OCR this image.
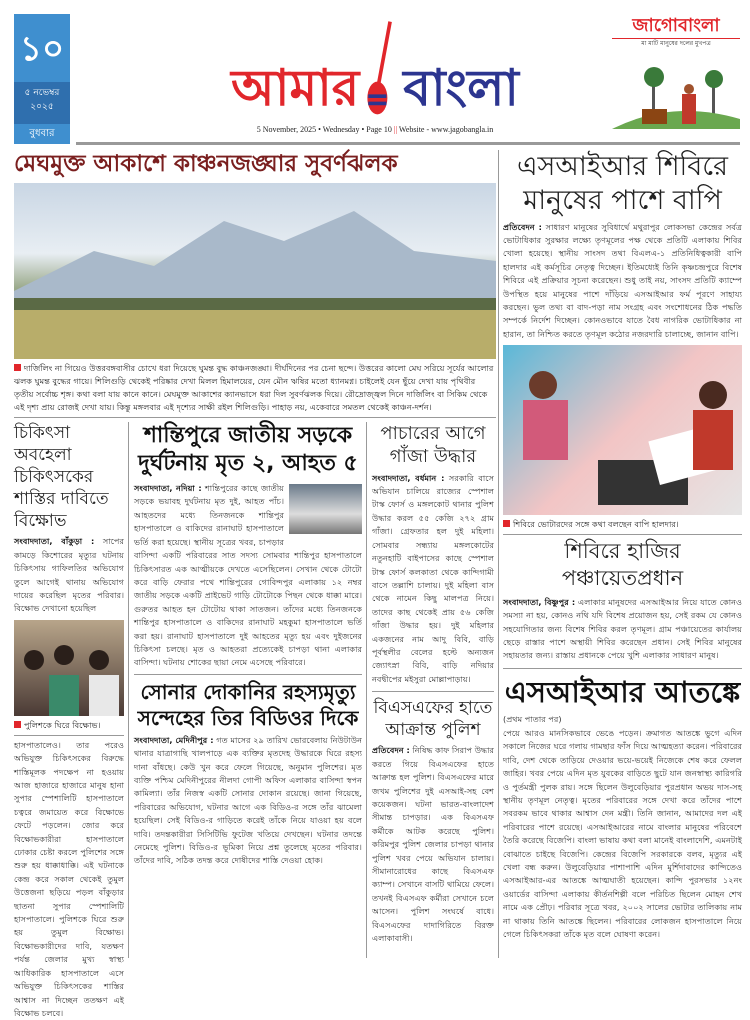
১০
৫ নভেম্বর ২০২৫
বুধবার
আমার বাংলা
5 November, 2025 • Wednesday • Page 10 || Website - www.jagobangla.in
জাগোবাংলা
মা মাটি মানুষের দলের মুখপত্র
মেঘমুক্ত আকাশে কাঞ্চনজঙ্ঘার সুবর্ণঝলক

দার্জিলিং না গিয়েও উত্তরবঙ্গবাসীর চোখে ধরা দিয়েছে ঘুমন্ত বুদ্ধ কাঞ্চনজঙ্ঘা। দীর্ঘদিনের পর চেনা ছন্দে। উত্তরের কালো মেঘ সরিয়ে সূর্যের আলোর ঝলক ঘুমন্ত বুদ্ধের গায়ে। শিলিগুড়ি থেকেই পরিষ্কার দেখা মিলল হিমালয়ের, যেন মৌন ঋষির মতো ধ্যানমগ্ন। চাইলেই যেন ছুঁয়ে দেখা যায় পৃথিবীর তৃতীয় সর্বোচ্চ শৃঙ্গ। কথা বলা যায় কানে কানে। মেঘমুক্ত আকাশের ক্যানভাসে ধরা দিল সুবর্ণঝলক দিয়ে। রৌদ্রোজ্জ্বল দিনে দার্জিলিং বা সিকিম থেকে এই দৃশ্য প্রায় রোজই দেখা যায়। কিন্তু মঙ্গলবার এই দৃশ্যের সাক্ষী রইল শিলিগুড়ি। পাহাড় নয়, একেবারে সমতল থেকেই কাঞ্চন-দর্শন।

চিকিৎসা অবহেলা চিকিৎসকের শাস্তির দাবিতে বিক্ষোভ

সংবাদদাতা, বাঁকুড়া : সাপের কামড়ে কিশোরের মৃত্যুর ঘটনায় চিকিৎসায় গাফিলতির অভিযোগ তুলে আগেই থানায় অভিযোগ দায়ের করেছিল মৃতের পরিবার। বিক্ষোভ দেখানো হয়েছিল

পুলিশকে ঘিরে বিক্ষোভ।

হাসপাতালেও। তার পরেও অভিযুক্ত চিকিৎসকের বিরুদ্ধে শাস্তিমূলক পদক্ষেপ না হওয়ায় আজ হাজারে হাজারে মানুষ হানা সুপার স্পেশালিটি হাসপাতালে চত্বরে জমায়েত করে বিক্ষোভে ফেটে পড়লেন। জোর করে বিক্ষোভকারীরা হাসপাতালে ঢোকার চেষ্টা করলে পুলিশের সঙ্গে শুরু হয় ধাক্কাধাক্কি। এই ঘটনাকে কেন্দ্র করে সকাল থেকেই তুমুল উত্তেজনা ছড়িয়ে পড়ল বাঁকুড়ার ছাতনা সুপার স্পেশালিটি হাসপাতালে। পুলিশকে ঘিরে শুরু হয় তুমুল বিক্ষোভ। বিক্ষোভকারীদের দাবি, যতক্ষণ পর্যন্ত জেলার মুখ্য স্বাস্থ্য আধিকারিক হাসপাতালে এসে অভিযুক্ত চিকিৎসকের শাস্তির আশ্বাস না দিচ্ছেন ততক্ষণ এই বিক্ষোভ চলবে।

শান্তিপুরে জাতীয় সড়কে দুর্ঘটনায় মৃত ২, আহত ৫
সংবাদদাতা, নদিয়া : শান্তিপুরের কাছে জাতীয় সড়কে ভয়াবহ দুর্ঘটনায় মৃত দুই, আহত পাঁচ। আহতদের মধ্যে তিনজনকে শান্তিপুর হাসপাতালে ও বাকিদের রানাঘাট হাসপাতালে ভর্তি করা হয়েছে। স্থানীয় সূত্রের খবর, চাপড়ার বাসিন্দা একটি পরিবারের সাত সদস্য সোমবার শান্তিপুর হাসপাতালে চিকিৎসারত এক আত্মীয়কে দেখতে এসেছিলেন। সেখান থেকে টোটো করে বাড়ি ফেরার পথে শান্তিপুরের গোবিন্দপুর এলাকায় ১২ নম্বর জাতীয় সড়কে একটি প্রাইভেট গাড়ি টোটোকে পিছন থেকে ধাক্কা মারে। গুরুতর আহত হন টোটোয় থাকা সাতজন। তাঁদের মধ্যে তিনজনকে শান্তিপুর হাসপাতালে ও বাকিদের রানাঘাট মহকুমা হাসপাতালে ভর্তি করা হয়। রানাঘাট হাসপাতালে দুই আহতের মৃত্যু হয় এবং দুইজনের চিকিৎসা চলছে। মৃত ও আহতরা প্রত্যেকেই চাপড়া থানা এলাকার বাসিন্দা। ঘটনায় শোকের ছায়া নেমে এসেছে পরিবারে।
সোনার দোকানির রহস্যমৃত্যু সন্দেহের তির বিডিওর দিকে

সংবাদদাতা, মেদিনীপুর : গত মাসের ২৯ তারিখ ভোরবেলায় নিউটাউন থানার যাত্রাগাছি খালপাড়ে এক ব্যক্তির মৃতদেহ উদ্ধারকে ঘিরে রহস্য দানা বাঁধছে। কেউ খুন করে ফেলে গিয়েছে, অনুমান পুলিশের। মৃত ব্যক্তি পশ্চিম মেদিনীপুরের নীলদা গোপী অফিস এলাকার বাসিন্দা স্বপন কামিল্যা। তাঁর নিজস্ব একটি সোনার দোকান রয়েছে। জানা গিয়েছে, পরিবারের অভিযোগ, ঘটনার আগে এক বিডিও-র সঙ্গে তাঁর ঝামেলা হয়েছিল। সেই বিডিও-র গাড়িতে করেই তাঁকে নিয়ে যাওয়া হয় বলে দাবি। তদন্তকারীরা সিসিটিভি ফুটেজ খতিয়ে দেখছেন। ঘটনার তদন্তে নেমেছে পুলিশ। বিডিও-র ভূমিকা নিয়ে প্রশ্ন তুলেছে মৃতের পরিবার। তাঁদের দাবি, সঠিক তদন্ত করে দোষীদের শাস্তি দেওয়া হোক।

পাচারের আগে গাঁজা উদ্ধার

সংবাদদাতা, বর্ধমান : সরকারি বাসে অভিযান চালিয়ে রাজ্যের স্পেশাল টাস্ক ফোর্স ও মঙ্গলকোট থানার পুলিশ উদ্ধার করল ৫৫ কেজি ২৭২ গ্রাম গাঁজা। গ্রেফতার হল দুই মহিলা। সোমবার সন্ধ্যায় মঙ্গলকোটের নতুনহাটি বাইপাসের কাছে স্পেশাল টাস্ক ফোর্স কলকাতা থেকে কান্দিগামী বাসে তল্লাশি চালায়। দুই মহিলা বাস থেকে নামেন কিছু মালপত্র নিয়ে। তাদের কাছ থেকেই প্রায় ৫৬ কেজি গাঁজা উদ্ধার হয়। দুই মহিলার একজনের নাম আদু বিবি, বাড়ি পূর্বস্থলীর বেলের হল্টে অন্যজন জ্যোৎস্না বিবি, বাড়ি নদিয়ার নবদ্বীপের মইসুরা মোল্লাপাড়ায়।

বিএসএফের হাতে আক্রান্ত পুলিশ

প্রতিবেদন : নিষিদ্ধ কাফ সিরাপ উদ্ধার করতে গিয়ে বিএসএফের হাতে আক্রান্ত হল পুলিশ। বিএসএফের মারে জখম পুলিশের দুই এসআই-সহ বেশ কয়েকজন। ঘটনা ভারত-বাংলাদেশ সীমান্ত চাপড়ার। এক বিএসএফ কর্মীকে আটক করেছে পুলিশ। করিমপুর পুলিশ জেলার চাপড়া থানার পুলিশ খবর পেয়ে অভিযান চালায়। সীমানারোধের কাছে বিএসএফ ক্যাম্প। সেখানে বাসটি থামিয়ে ফেলে। তখনই বিএসএফ কর্মীরা সেখানে চলে আসেন। পুলিশ সংঘর্ষে বাধে। বিএসএফের দাদাগিরিতে বিরক্ত এলাকাবাসী।

এসআইআর শিবিরে মানুষের পাশে বাপি

প্রতিবেদন : সাধারণ মানুষের সুবিধার্থে মথুরাপুর লোকসভা কেন্দ্রের সর্বত্র ভোটাধিকার সুরক্ষার লক্ষ্যে তৃণমূলের পক্ষ থেকে প্রতিটি এলাকায় শিবির খোলা হয়েছে। স্থানীয় সাংসদ তথা বিএলএ-১ প্রতিনিধিত্বকারী বাপি হালদার এই কর্মসূচির নেতৃত্ব দিচ্ছেন। ইতিমধ্যেই তিনি কৃষ্ণচন্দ্রপুরে বিশেষ শিবিরে এই প্রক্রিয়ার সূচনা করেছেন। শুধু তাই নয়, সাংসদ প্রতিটি ক্যাম্পে উপস্থিত হয়ে মানুষের পাশে দাঁড়িয়ে এসআইআর ফর্ম পূরণে সাহায্য করছেন। ভুল তথ্য বা বাদ-পড়া নাম সংগ্রহ এবং সংশোধনের ঠিক পদ্ধতি সম্পর্কে নির্দেশ দিচ্ছেন। কোনওভাবে যাতে বৈধ নাগরিক ভোটাধিকার না হারান, তা নিশ্চিত করতে তৃণমূল কঠোর নজরদারি চালাচ্ছে, জানান বাপি।

শিবিরে ভোটারদের সঙ্গে কথা বলছেন বাপি হালদার।

শিবিরে হাজির পঞ্চায়েতপ্রধান

সংবাদদাতা, বিষ্ণুপুর : এলাকার মানুষদের এসআইআর নিয়ে যাতে কোনও সমস্যা না হয়, কোনও নথি যদি বিশেষ প্রয়োজন হয়, সেই রকম যে কোনও সহযোগিতার জন্য বিশেষ শিবির করল তৃণমূল। গ্রাম পঞ্চায়েতের কার্যালয় ছেড়ে রাস্তার পাশে অস্থায়ী শিবির করেছেন প্রধান। সেই শিবির মানুষের সহায়তার জন্য। রাস্তায় প্রধানকে পেয়ে খুশি এলাকার সাধারণ মানুষ।

এসআইআর আতঙ্কে

(প্রথম পাতার পর)

পেয়ে আরও মানসিকভাবে ভেঙে পড়েন। ক্রমাগত আতঙ্কে ভুগে এদিন সকালে নিজের ঘরে গলায় গামছার ফাঁস দিয়ে আত্মহত্যা করেন। পরিবারের দাবি, দেশ থেকে তাড়িয়ে দেওয়ার ভয়ে-ভয়েই নিজেকে শেষ করে ফেলল জাহির। খবর পেয়ে এদিন মৃত যুবকের বাড়িতে ছুটে যান জনস্বাস্থ্য কারিগরি ও পুর্তমন্ত্রী পুলক রায়। সঙ্গে ছিলেন উলুবেড়িয়ার পুরপ্রধান অভয় দাস-সহ স্থানীয় তৃণমূল নেতৃত্ব। মৃতের পরিবারের সঙ্গে দেখা করে তাঁদের পাশে সবরকম ভাবে থাকার আশ্বাস দেন মন্ত্রী। তিনি জানান, আমাদের দল এই পরিবারের পাশে রয়েছে। এসআইআরের নামে বাংলার মানুষের পরিবেশে তৈরি করেছে বিজেপি। বাংলা ভাষায় কথা বলা মানেই বাংলাদেশি, এমনটাই বোঝাতে চাইছে বিজেপি। কেন্দ্রের বিজেপি সরকারকে বলব, মৃত্যুর এই খেলা বন্ধ করুন। উলুবেড়িয়ার পাশাপাশি এদিন মুর্শিদাবাদের কান্দিতেও এসআইআর-এর আতঙ্কে আত্মঘাতী হয়েছেন। কান্দি পুরসভার ১২নং ওয়ার্ডের বাসিন্দা এলাকায় কীর্তনশিল্পী বলে পরিচিত ছিলেন মোহন শেখ নামে এক প্রৌঢ়। পরিবার সূত্রে খবর, ২০০২ সালের ভোটার তালিকায় নাম না থাকায় তিনি আতঙ্কে ছিলেন। পরিবারের লোকজন হাসপাতালে নিয়ে গেলে চিকিৎসকরা তাঁকে মৃত বলে ঘোষণা করেন।
